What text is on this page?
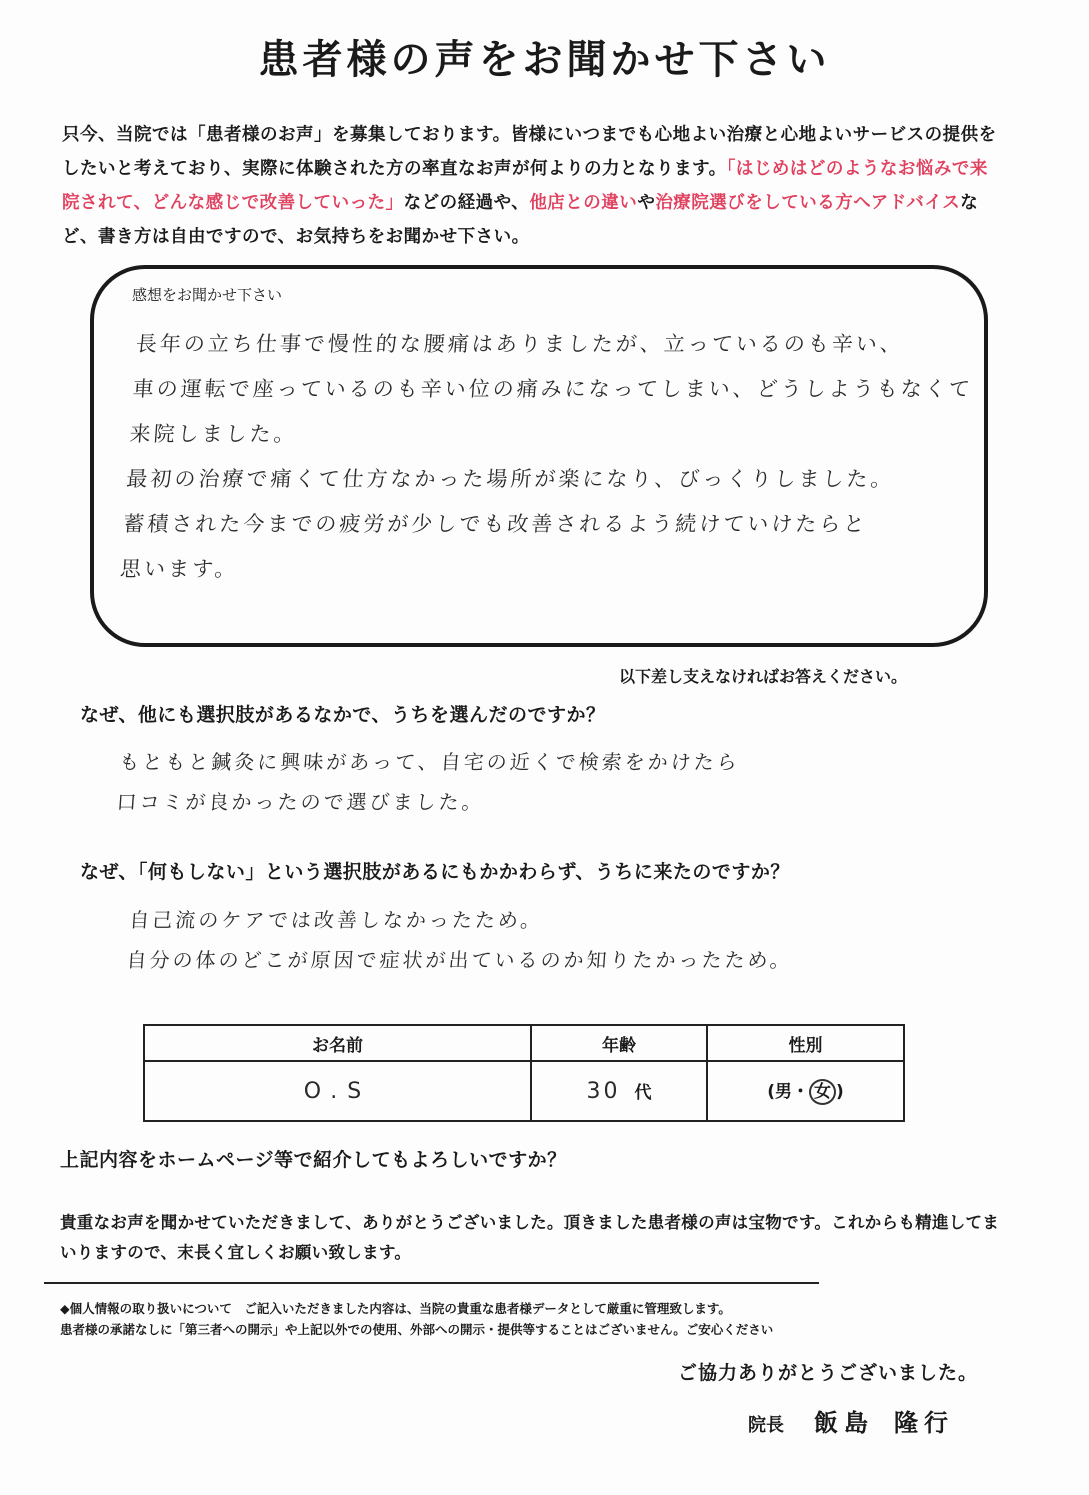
患者様の声をお聞かせ下さい
只今、当院では「患者様のお声」を募集しております。皆様にいつまでも心地よい治療と心地よいサービスの提供をしたいと考えており、実際に体験された方の率直なお声が何よりの力となります。「はじめはどのようなお悩みで来院されて、どんな感じで改善していった」などの経過や、他店との違いや治療院選びをしている方へアドバイスなど、書き方は自由ですので、お気持ちをお聞かせ下さい。
感想をお聞かせ下さい
長年の立ち仕事で慢性的な腰痛はありましたが、立っているのも辛い、
車の運転で座っているのも辛い位の痛みになってしまい、どうしようもなくて
来院しました。
最初の治療で痛くて仕方なかった場所が楽になり、びっくりしました。
蓄積された今までの疲労が少しでも改善されるよう続けていけたらと
思います。
以下差し支えなければお答えください。
なぜ、他にも選択肢があるなかで、うちを選んだのですか？
もともと鍼灸に興味があって、自宅の近くで検索をかけたら
口コミが良かったので選びました。
なぜ、「何もしない」という選択肢があるにもかかわらず、うちに来たのですか？
自己流のケアでは改善しなかったため。
自分の体のどこが原因で症状が出ているのか知りたかったため。
お名前	年齢	性別
O.S	30 代	(男・ 女 )
上記内容をホームページ等で紹介してもよろしいですか？
貴重なお声を聞かせていただきまして、ありがとうございました。頂きました患者様の声は宝物です。これからも精進してまいりますので、末長く宜しくお願い致します。
◆個人情報の取り扱いについて　ご記入いただきました内容は、当院の貴重な患者様データとして厳重に管理致します。
患者様の承諾なしに「第三者への開示」や上記以外での使用、外部への開示・提供等することはございません。ご安心ください
ご協力ありがとうございました。
院長 飯島 隆行
